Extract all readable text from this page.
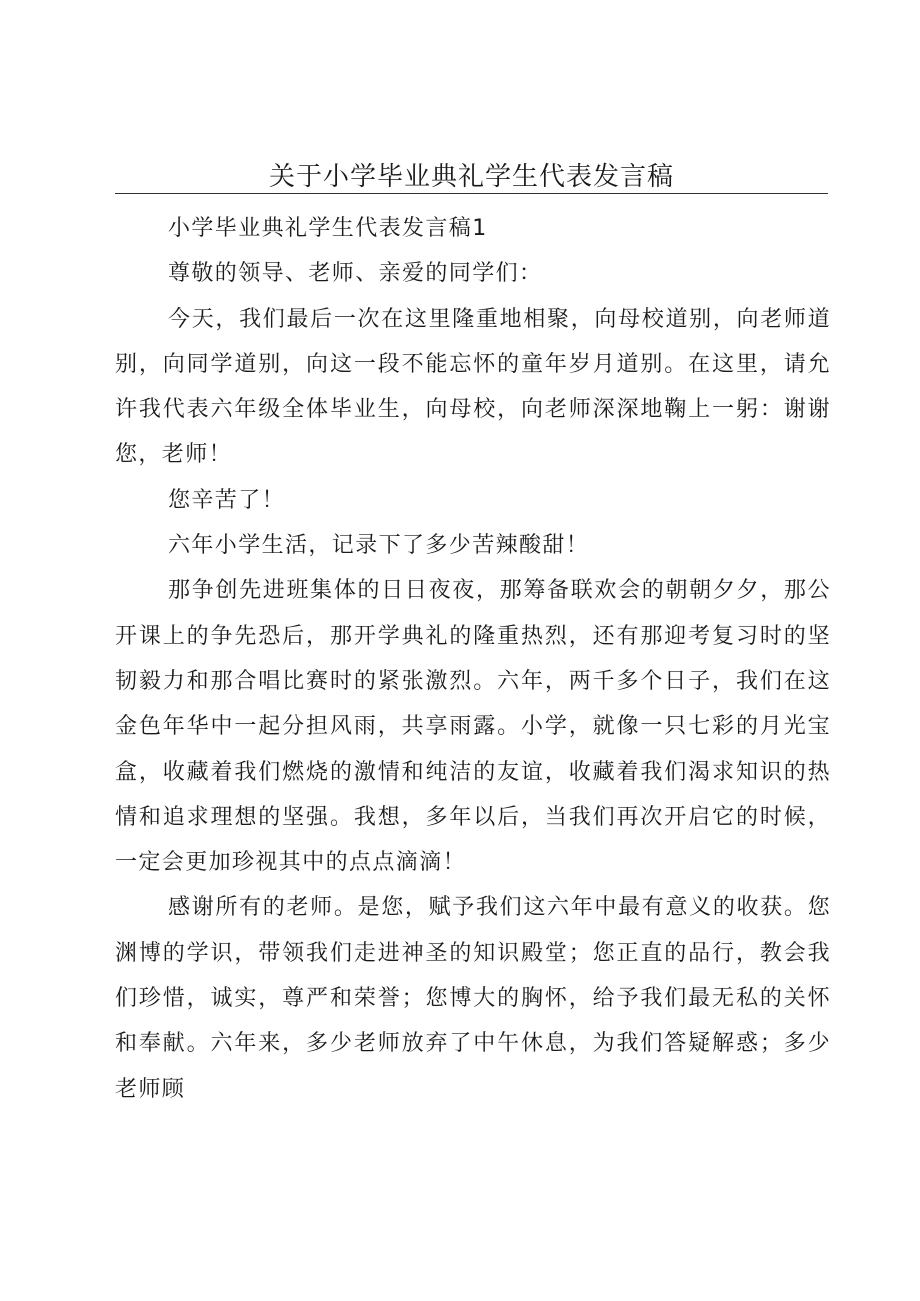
关于小学毕业典礼学生代表发言稿

小学毕业典礼学生代表发言稿1

尊敬的领导、老师、亲爱的同学们：

今天，我们最后一次在这里隆重地相聚，向母校道别，向老师道别，向同学道别，向这一段不能忘怀的童年岁月道别。在这里，请允许我代表六年级全体毕业生，向母校，向老师深深地鞠上一躬：谢谢您，老师！

您辛苦了！

六年小学生活，记录下了多少苦辣酸甜！

那争创先进班集体的日日夜夜，那筹备联欢会的朝朝夕夕，那公开课上的争先恐后，那开学典礼的隆重热烈，还有那迎考复习时的坚韧毅力和那合唱比赛时的紧张激烈。六年，两千多个日子，我们在这金色年华中一起分担风雨，共享雨露。小学，就像一只七彩的月光宝盒，收藏着我们燃烧的激情和纯洁的友谊，收藏着我们渴求知识的热情和追求理想的坚强。我想，多年以后，当我们再次开启它的时候，一定会更加珍视其中的点点滴滴！

感谢所有的老师。是您，赋予我们这六年中最有意义的收获。您渊博的学识，带领我们走进神圣的知识殿堂；您正直的品行，教会我们珍惜，诚实，尊严和荣誉；您博大的胸怀，给予我们最无私的关怀和奉献。六年来，多少老师放弃了中午休息，为我们答疑解惑；多少老师顾
